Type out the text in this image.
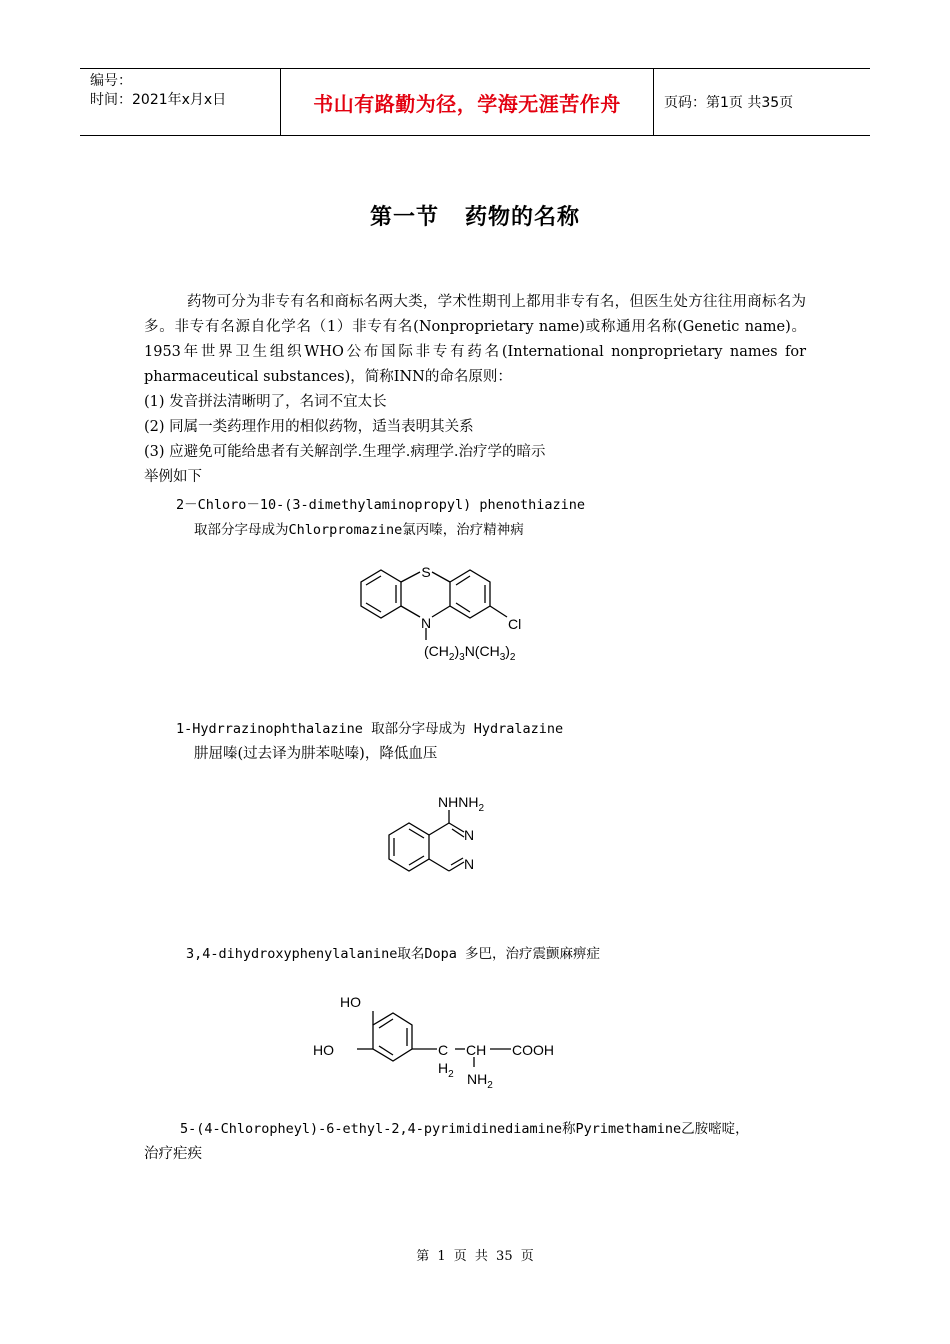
编号：
时间：2021年x月x日	书山有路勤为径，学海无涯苦作舟	页码：第1页 共35页
第一节   药物的名称

药物可分为非专有名和商标名两大类，学术性期刊上都用非专有名，但医生处方往往用商标名为多。非专有名源自化学名（1）非专有名(Nonproprietary name)或称通用名称(Genetic name)。1953年世界卫生组织WHO公布国际非专有药名(International nonproprietary names for pharmaceutical substances)，简称INN的命名原则：

(1) 发音拼法清晰明了，名词不宜太长

(2) 同属一类药理作用的相似药物，适当表明其关系

(3) 应避免可能给患者有关解剖学.生理学.病理学.治疗学的暗示

举例如下

2－Chloro－10-(3-dimethylaminopropyl) phenothiazine
取部分字母成为Chlorpromazine氯丙嗪，治疗精神病
S
N	Cl
$(CH_2)_3N(CH_3)_2$
1-Hydrrazinophthalazine 取部分字母成为 Hydralazine
肼屈嗪(过去译为肼苯哒嗪)，降低血压
$NHNH_2$
N
N
3,4-dihydroxyphenylalanine取名Dopa 多巴，治疗震颤麻痹症
HO
HO	C
$H_2$
CH COOH
$NH_2$
5-(4-Chloropheyl)-6-ethyl-2,4-pyrimidinediamine称Pyrimethamine乙胺嘧啶，
治疗疟疾
第 1 页 共 35 页
